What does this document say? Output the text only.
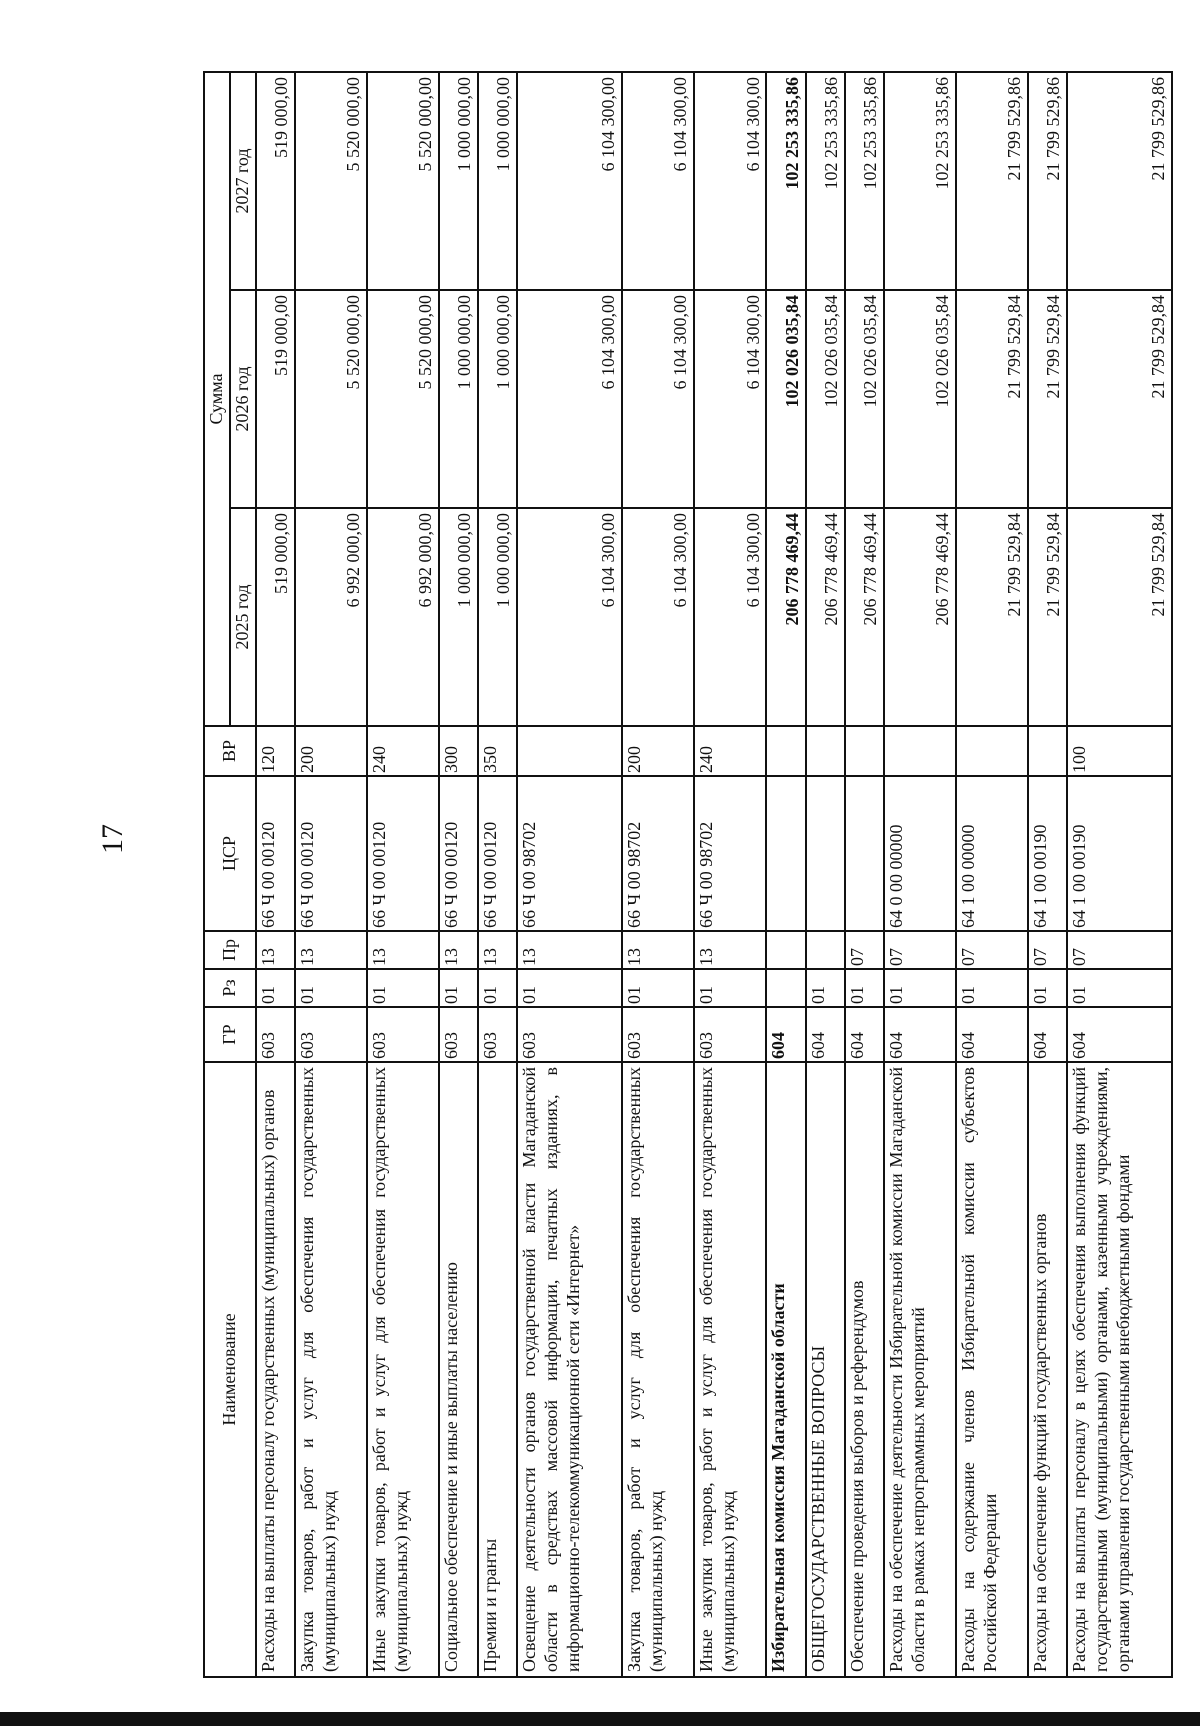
17
Наименование	ГР	Рз	Пр	ЦСР	ВР	Сумма		
						2025 год	2026 год	2027 год
Расходы на выплаты персоналу государственных (муниципальных) органов	603	01	13	66 Ч 00 00120	120	519 000,00	519 000,00	519 000,00
Закупка товаров, работ и услуг для обеспечения государственных (муниципальных) нужд	603	01	13	66 Ч 00 00120	200	6 992 000,00	5 520 000,00	5 520 000,00
Иные закупки товаров, работ и услуг для обеспечения государственных (муниципальных) нужд	603	01	13	66 Ч 00 00120	240	6 992 000,00	5 520 000,00	5 520 000,00
Социальное обеспечение и иные выплаты населению	603	01	13	66 Ч 00 00120	300	1 000 000,00	1 000 000,00	1 000 000,00
Премии и гранты	603	01	13	66 Ч 00 00120	350	1 000 000,00	1 000 000,00	1 000 000,00
Освещение деятельности органов государственной власти Магаданской области в средствах массовой информации, печатных изданиях, в информационно-телекоммуникационной сети «Интернет»	603	01	13	66 Ч 00 98702		6 104 300,00	6 104 300,00	6 104 300,00
Закупка товаров, работ и услуг для обеспечения государственных (муниципальных) нужд	603	01	13	66 Ч 00 98702	200	6 104 300,00	6 104 300,00	6 104 300,00
Иные закупки товаров, работ и услуг для обеспечения государственных (муниципальных) нужд	603	01	13	66 Ч 00 98702	240	6 104 300,00	6 104 300,00	6 104 300,00
Избирательная комиссия Магаданской области	604					206 778 469,44	102 026 035,84	102 253 335,86
ОБЩЕГОСУДАРСТВЕННЫЕ ВОПРОСЫ	604	01				206 778 469,44	102 026 035,84	102 253 335,86
Обеспечение проведения выборов и референдумов	604	01	07			206 778 469,44	102 026 035,84	102 253 335,86
Расходы на обеспечение деятельности Избирательной комиссии Магаданской области в рамках непрограммных мероприятий	604	01	07	64 0 00 00000		206 778 469,44	102 026 035,84	102 253 335,86
Расходы на содержание членов Избирательной комиссии субъектов Российской Федерации	604	01	07	64 1 00 00000		21 799 529,84	21 799 529,84	21 799 529,86
Расходы на обеспечение функций государственных органов	604	01	07	64 1 00 00190		21 799 529,84	21 799 529,84	21 799 529,86
Расходы на выплаты персоналу в целях обеспечения выполнения функций государственными (муниципальными) органами, казенными учреждениями, органами управления государственными внебюджетными фондами	604	01	07	64 1 00 00190	100	21 799 529,84	21 799 529,84	21 799 529,86
